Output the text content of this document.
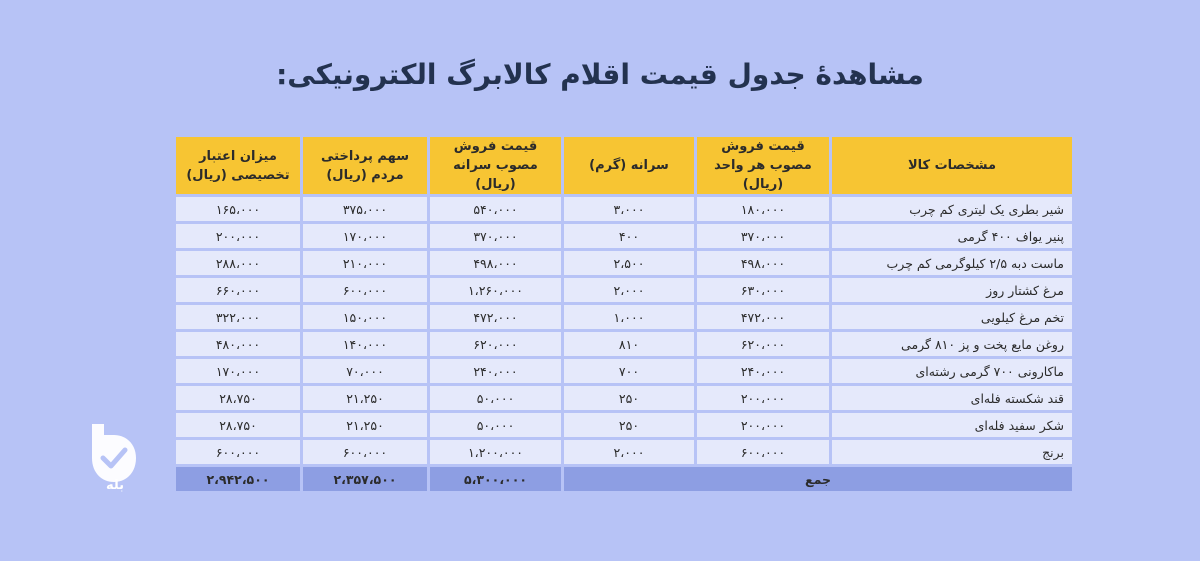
مشاهدهٔ جدول قیمت اقلام کالابرگ الکترونیکی:
مشخصات کالا	قیمت فروش مصوب هر واحد (ریال)	سرانه (گرم)	قیمت فروش مصوب سرانه (ریال)	سهم پرداختی مردم (ریال)	میزان اعتبار تخصیصی (ریال)
شیر بطری یک لیتری کم چرب	۱۸۰،۰۰۰	۳،۰۰۰	۵۴۰،۰۰۰	۳۷۵،۰۰۰	۱۶۵،۰۰۰
پنیر یواف ۴۰۰ گرمی	۳۷۰،۰۰۰	۴۰۰	۳۷۰،۰۰۰	۱۷۰،۰۰۰	۲۰۰،۰۰۰
ماست دبه ۲/۵ کیلوگرمی کم چرب	۴۹۸،۰۰۰	۲،۵۰۰	۴۹۸،۰۰۰	۲۱۰،۰۰۰	۲۸۸،۰۰۰
مرغ کشتار روز	۶۳۰،۰۰۰	۲،۰۰۰	۱،۲۶۰،۰۰۰	۶۰۰،۰۰۰	۶۶۰،۰۰۰
تخم مرغ کیلویی	۴۷۲،۰۰۰	۱،۰۰۰	۴۷۲،۰۰۰	۱۵۰،۰۰۰	۳۲۲،۰۰۰
روغن مایع پخت و پز ۸۱۰ گرمی	۶۲۰،۰۰۰	۸۱۰	۶۲۰،۰۰۰	۱۴۰،۰۰۰	۴۸۰،۰۰۰
ماکارونی ۷۰۰ گرمی رشته‌ای	۲۴۰،۰۰۰	۷۰۰	۲۴۰،۰۰۰	۷۰،۰۰۰	۱۷۰،۰۰۰
قند شکسته فله‌ای	۲۰۰،۰۰۰	۲۵۰	۵۰،۰۰۰	۲۱،۲۵۰	۲۸،۷۵۰
شکر سفید فله‌ای	۲۰۰،۰۰۰	۲۵۰	۵۰،۰۰۰	۲۱،۲۵۰	۲۸،۷۵۰
برنج	۶۰۰،۰۰۰	۲،۰۰۰	۱،۲۰۰،۰۰۰	۶۰۰،۰۰۰	۶۰۰،۰۰۰
جمع			۵،۳۰۰،۰۰۰	۲،۳۵۷،۵۰۰	۲،۹۴۲،۵۰۰
بله
